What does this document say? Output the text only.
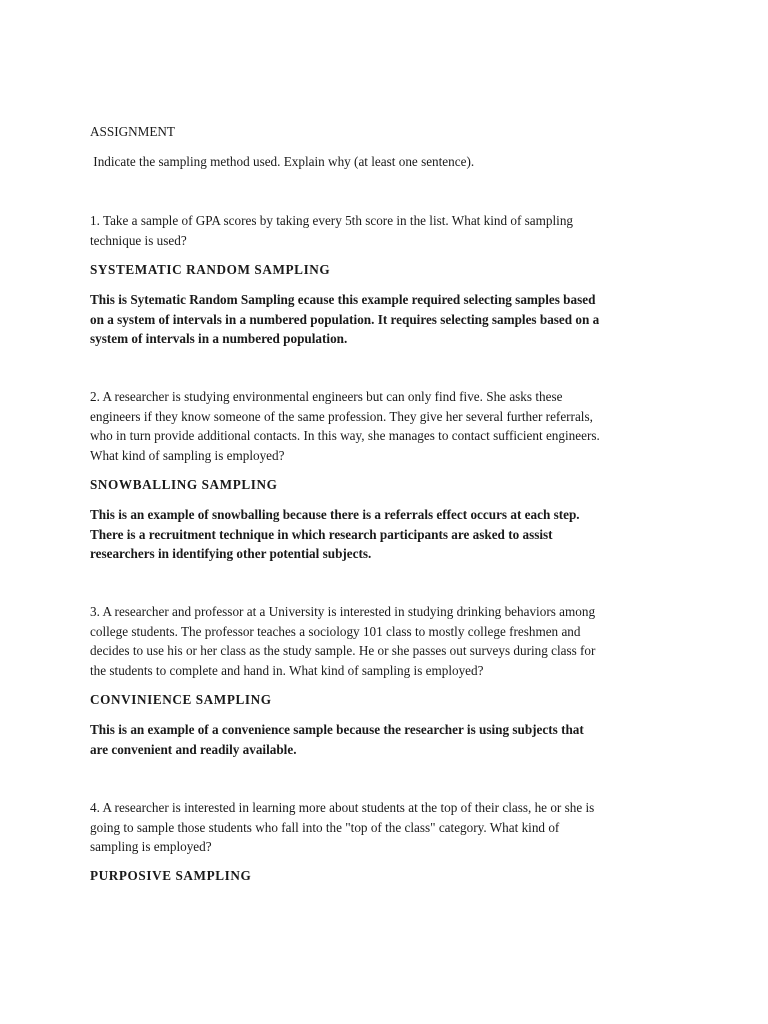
ASSIGNMENT

Indicate the sampling method used. Explain why (at least one sentence).

1. Take a sample of GPA scores by taking every 5th score in the list. What kind of sampling
technique is used?

SYSTEMATIC RANDOM SAMPLING

This is Sytematic Random Sampling ecause this example required selecting samples based
on a system of intervals in a numbered population. It requires selecting samples based on a
system of intervals in a numbered population.
2. A researcher is studying environmental engineers but can only find five. She asks these
engineers if they know someone of the same profession. They give her several further referrals,
who in turn provide additional contacts. In this way, she manages to contact sufficient engineers.
What kind of sampling is employed?

SNOWBALLING SAMPLING

This is an example of snowballing because there is a referrals effect occurs at each step.
There is a recruitment technique in which research participants are asked to assist
researchers in identifying other potential subjects.
3. A researcher and professor at a University is interested in studying drinking behaviors among
college students. The professor teaches a sociology 101 class to mostly college freshmen and
decides to use his or her class as the study sample. He or she passes out surveys during class for
the students to complete and hand in. What kind of sampling is employed?

CONVINIENCE SAMPLING

This is an example of a convenience sample because the researcher is using subjects that
are convenient and readily available.
4. A researcher is interested in learning more about students at the top of their class, he or she is
going to sample those students who fall into the "top of the class" category. What kind of
sampling is employed?

PURPOSIVE SAMPLING
